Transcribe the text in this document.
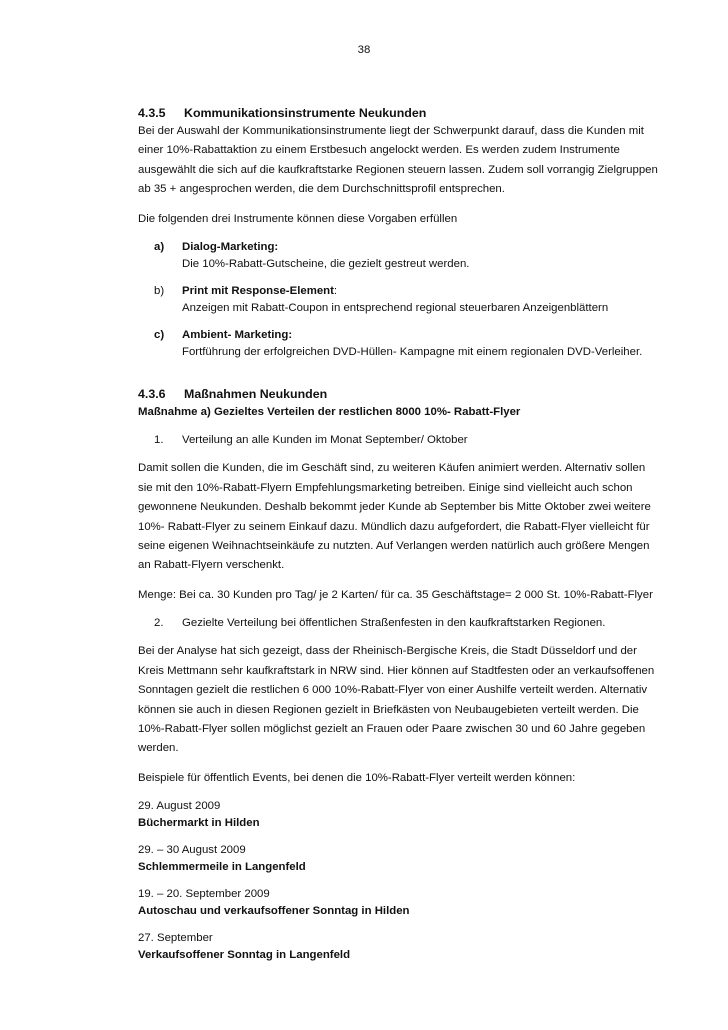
38
4.3.5 Kommunikationsinstrumente Neukunden

Bei der Auswahl der Kommunikationsinstrumente liegt der Schwerpunkt darauf, dass die Kunden mit einer 10%-Rabattaktion zu einem Erstbesuch angelockt werden. Es werden zudem Instrumente ausgewählt die sich auf die kaufkraftstarke Regionen steuern lassen. Zudem soll vorrangig Zielgruppen ab 35 + angesprochen werden, die dem Durchschnittsprofil entsprechen.

Die folgenden drei Instrumente können diese Vorgaben erfüllen

a) Dialog-Marketing:
Die 10%-Rabatt-Gutscheine, die gezielt gestreut werden.
b) Print mit Response-Element:
Anzeigen mit Rabatt-Coupon in entsprechend regional steuerbaren Anzeigenblättern
c) Ambient- Marketing:
Fortführung der erfolgreichen DVD-Hüllen- Kampagne mit einem regionalen DVD-Verleiher.
4.3.6 Maßnahmen Neukunden

Maßnahme a) Gezieltes Verteilen der restlichen 8000 10%- Rabatt-Flyer

1. Verteilung an alle Kunden im Monat September/ Oktober

Damit sollen die Kunden, die im Geschäft sind, zu weiteren Käufen animiert werden. Alternativ sollen sie mit den 10%-Rabatt-Flyern Empfehlungsmarketing betreiben. Einige sind vielleicht auch schon gewonnene Neukunden. Deshalb bekommt jeder Kunde ab September bis Mitte Oktober zwei weitere 10%- Rabatt-Flyer zu seinem Einkauf dazu. Mündlich dazu aufgefordert, die Rabatt-Flyer vielleicht für seine eigenen Weihnachtseinkäufe zu nutzten. Auf Verlangen werden natürlich auch größere Mengen an Rabatt-Flyern verschenkt.

Menge: Bei ca. 30 Kunden pro Tag/ je 2 Karten/ für ca. 35 Geschäftstage= 2 000 St. 10%-Rabatt-Flyer

2. Gezielte Verteilung bei öffentlichen Straßenfesten in den kaufkraftstarken Regionen.

Bei der Analyse hat sich gezeigt, dass der Rheinisch-Bergische Kreis, die Stadt Düsseldorf und der Kreis Mettmann sehr kaufkraftstark in NRW sind. Hier können auf Stadtfesten oder an verkaufsoffenen Sonntagen gezielt die restlichen 6 000 10%-Rabatt-Flyer von einer Aushilfe verteilt werden. Alternativ können sie auch in diesen Regionen gezielt in Briefkästen von Neubaugebieten verteilt werden. Die 10%-Rabatt-Flyer sollen möglichst gezielt an Frauen oder Paare zwischen 30 und 60 Jahre gegeben werden.

Beispiele für öffentlich Events, bei denen die 10%-Rabatt-Flyer verteilt werden können:

29. August 2009

Büchermarkt in Hilden

29. – 30 August 2009

Schlemmermeile in Langenfeld

19. – 20. September 2009

Autoschau und verkaufsoffener Sonntag in Hilden

27. September

Verkaufsoffener Sonntag in Langenfeld
